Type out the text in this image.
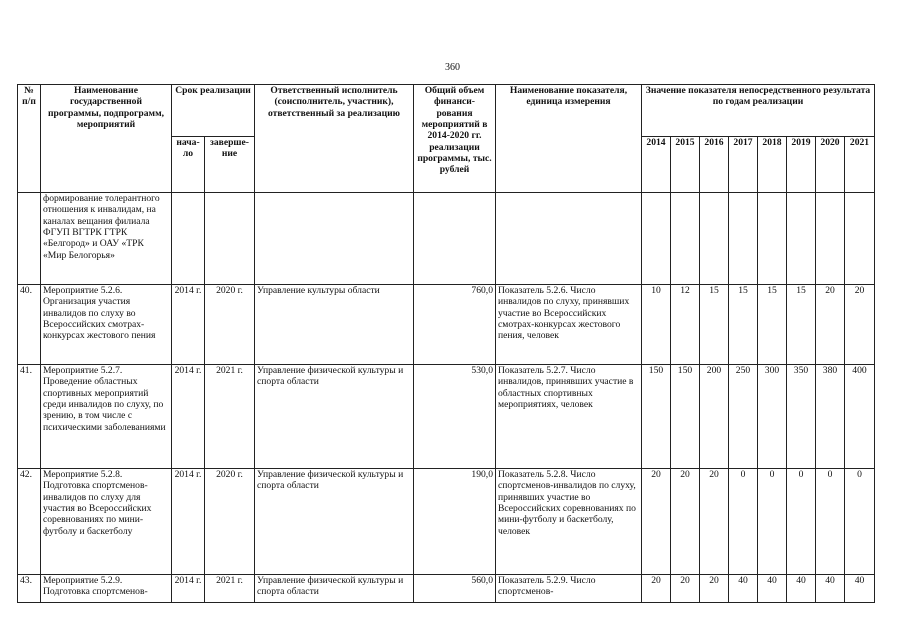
360
№ п/п	Наименование государственной программы, подпрограмм, мероприятий	Срок реализации		Ответственный исполнитель (соисполнитель, участник), ответственный за реализацию	Общий объем финанси-рования мероприятий в 2014-2020 гг. реализации программы, тыс. рублей	Наименование показателя, единица измерения	Значение показателя непосредственного результата по годам реализации							
		нача-ло	заверше-ние				2014	2015	2016	2017	2018	2019	2020	2021
	формирование толерантного отношения к инвалидам, на каналах вещания филиала ФГУП ВГТРК ГТРК «Белгород» и ОАУ «ТРК «Мир Белогорья»													
40.	Мероприятие 5.2.6. Организация участия инвалидов по слуху во Всероссийских смотрах-конкурсах жестового пения	2014 г.	2020 г.	Управление культуры области	760,0	Показатель 5.2.6. Число инвалидов по слуху, принявших участие во Всероссийских смотрах-конкурсах жестового пения, человек	10	12	15	15	15	15	20	20
41.	Мероприятие 5.2.7. Проведение областных спортивных мероприятий среди инвалидов по слуху, по зрению, в том числе с психическими заболеваниями	2014 г.	2021 г.	Управление физической культуры и спорта области	530,0	Показатель 5.2.7. Число инвалидов, принявших участие в областных спортивных мероприятиях, человек	150	150	200	250	300	350	380	400
42.	Мероприятие 5.2.8. Подготовка спортсменов-инвалидов по слуху для участия во Всероссийских соревнованиях по мини-футболу и баскетболу	2014 г.	2020 г.	Управление физической культуры и спорта области	190,0	Показатель 5.2.8. Число спортсменов-инвалидов по слуху, принявших участие во Всероссийских соревнованиях по мини-футболу и баскетболу, человек	20	20	20	0	0	0	0	0
43.	Мероприятие 5.2.9. Подготовка спортсменов-	2014 г.	2021 г.	Управление физической культуры и спорта области	560,0	Показатель 5.2.9. Число спортсменов-	20	20	20	40	40	40	40	40
